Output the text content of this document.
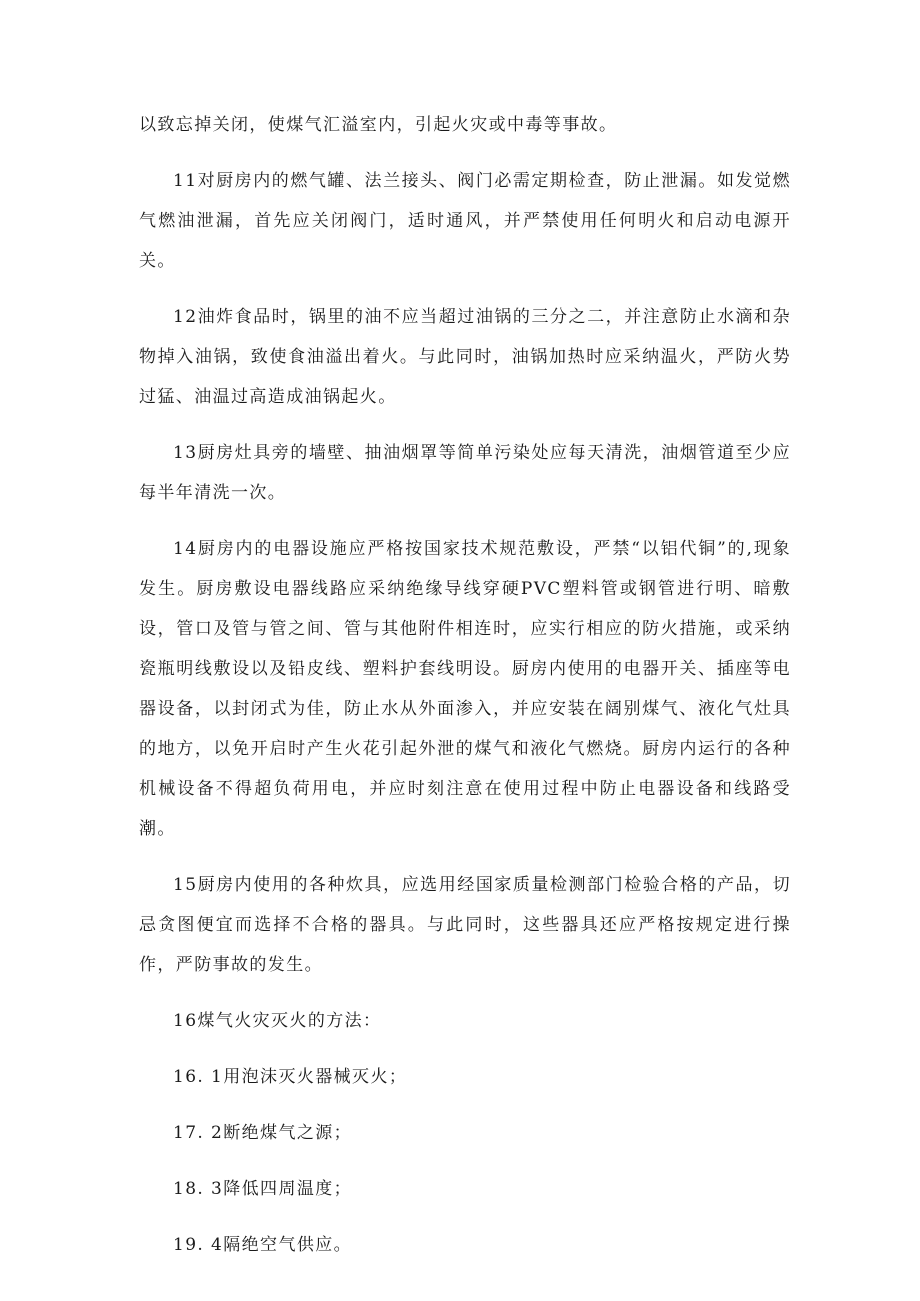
以致忘掉关闭，使煤气汇溢室内，引起火灾或中毒等事故。

11对厨房内的燃气罐、法兰接头、阀门必需定期检查，防止泄漏。如发觉燃气燃油泄漏，首先应关闭阀门，适时通风，并严禁使用任何明火和启动电源开关。

12油炸食品时，锅里的油不应当超过油锅的三分之二，并注意防止水滴和杂物掉入油锅，致使食油溢出着火。与此同时，油锅加热时应采纳温火，严防火势过猛、油温过高造成油锅起火。

13厨房灶具旁的墙壁、抽油烟罩等简单污染处应每天清洗，油烟管道至少应每半年清洗一次。

14厨房内的电器设施应严格按国家技术规范敷设，严禁“以铝代铜”的,现象发生。厨房敷设电器线路应采纳绝缘导线穿硬PVC塑料管或钢管进行明、暗敷设，管口及管与管之间、管与其他附件相连时，应实行相应的防火措施，或采纳瓷瓶明线敷设以及铅皮线、塑料护套线明设。厨房内使用的电器开关、插座等电器设备，以封闭式为佳，防止水从外面渗入，并应安装在阔别煤气、液化气灶具的地方，以免开启时产生火花引起外泄的煤气和液化气燃烧。厨房内运行的各种机械设备不得超负荷用电，并应时刻注意在使用过程中防止电器设备和线路受潮。

15厨房内使用的各种炊具，应选用经国家质量检测部门检验合格的产品，切忌贪图便宜而选择不合格的器具。与此同时，这些器具还应严格按规定进行操作，严防事故的发生。

16煤气火灾灭火的方法：

16. 1用泡沫灭火器械灭火；

17. 2断绝煤气之源；

18. 3降低四周温度；

19. 4隔绝空气供应。
